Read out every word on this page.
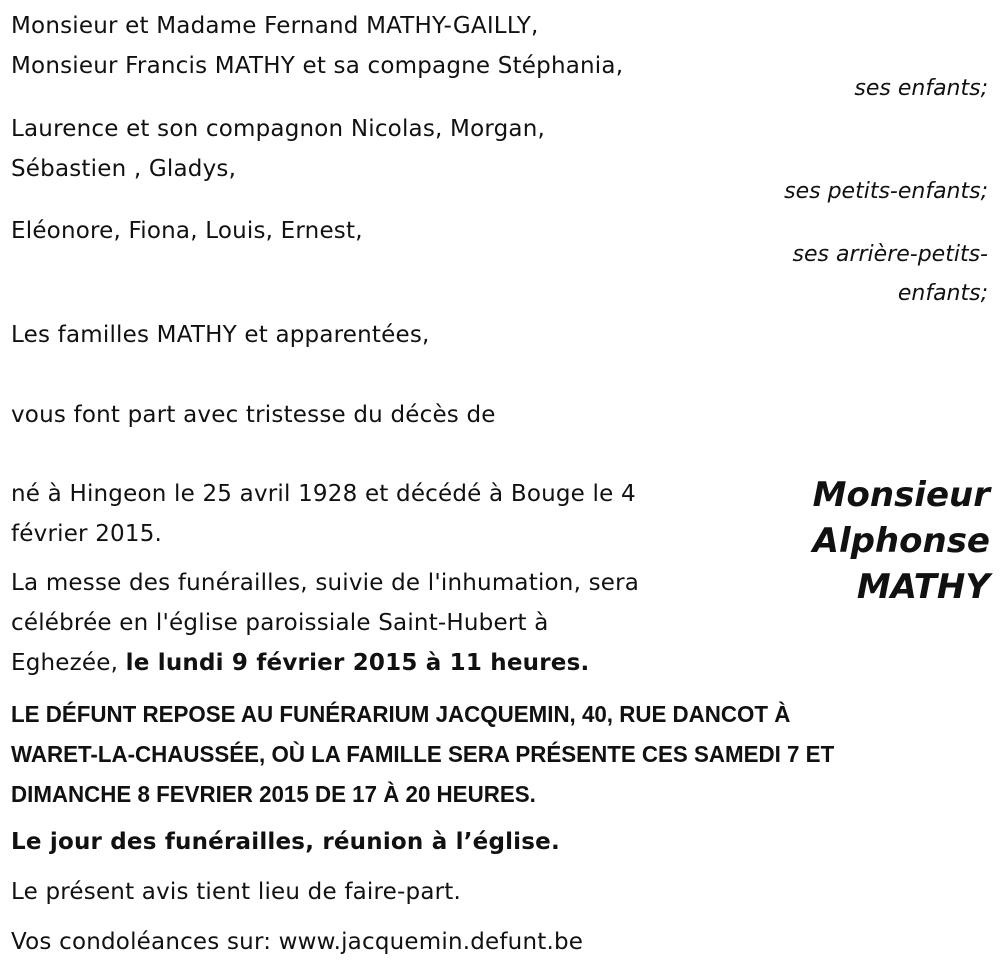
Monsieur et Madame Fernand MATHY-GAILLY,
Monsieur Francis MATHY et sa compagne Stéphania,
ses enfants;
Laurence et son compagnon Nicolas, Morgan,
Sébastien , Gladys,
ses petits-enfants;
Eléonore, Fiona, Louis, Ernest,
ses arrière-petits-
enfants;
Les familles MATHY et apparentées,
vous font part avec tristesse du décès de
Monsieur
Alphonse
MATHY
né à Hingeon le 25 avril 1928 et décédé à Bouge le 4
février 2015.
La messe des funérailles, suivie de l'inhumation, sera
célébrée en l'église paroissiale Saint-Hubert à
Eghezée, le lundi 9 février 2015 à 11 heures.
LE DÉFUNT REPOSE AU FUNÉRARIUM JACQUEMIN, 40, RUE DANCOT À
WARET-LA-CHAUSSÉE, OÙ LA FAMILLE SERA PRÉSENTE CES SAMEDI 7 ET
DIMANCHE 8 FEVRIER 2015 DE 17 À 20 HEURES.
Le jour des funérailles, réunion à l’église.
Le présent avis tient lieu de faire-part.
Vos condoléances sur: www.jacquemin.defunt.be
